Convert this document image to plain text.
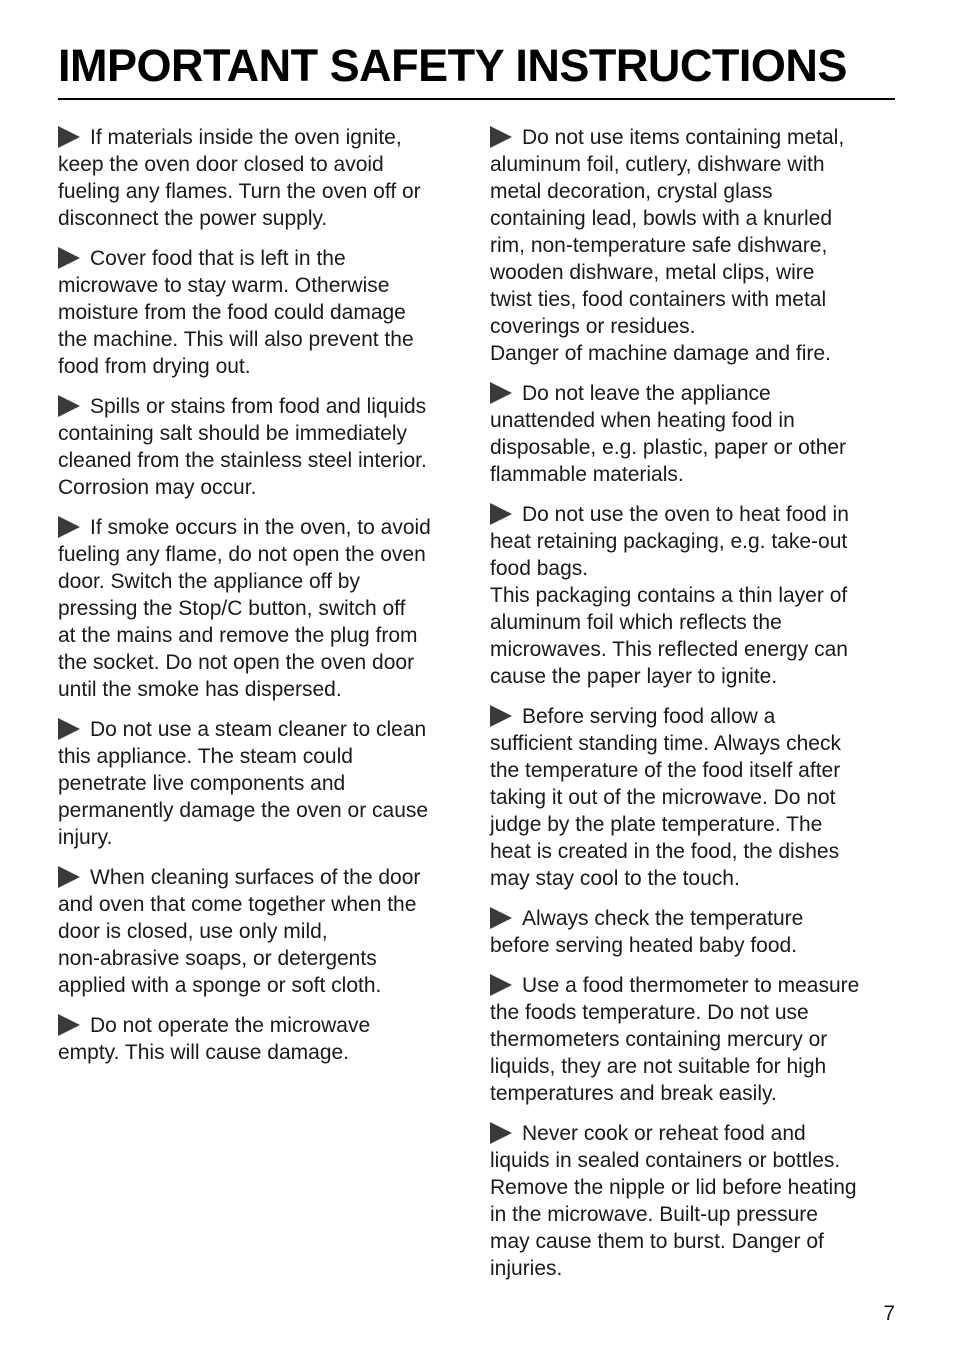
IMPORTANT SAFETY INSTRUCTIONS

If materials inside the oven ignite,
keep the oven door closed to avoid
fueling any flames. Turn the oven off or
disconnect the power supply.

Cover food that is left in the
microwave to stay warm. Otherwise
moisture from the food could damage
the machine. This will also prevent the
food from drying out.

Spills or stains from food and liquids
containing salt should be immediately
cleaned from the stainless steel interior.
Corrosion may occur.

If smoke occurs in the oven, to avoid
fueling any flame, do not open the oven
door. Switch the appliance off by
pressing the Stop/C button, switch off
at the mains and remove the plug from
the socket. Do not open the oven door
until the smoke has dispersed.

Do not use a steam cleaner to clean
this appliance. The steam could
penetrate live components and
permanently damage the oven or cause
injury.

When cleaning surfaces of the door
and oven that come together when the
door is closed, use only mild,
non-abrasive soaps, or detergents
applied with a sponge or soft cloth.

Do not operate the microwave
empty. This will cause damage.

Do not use items containing metal,
aluminum foil, cutlery, dishware with
metal decoration, crystal glass
containing lead, bowls with a knurled
rim, non-temperature safe dishware,
wooden dishware, metal clips, wire
twist ties, food containers with metal
coverings or residues.
Danger of machine damage and fire.

Do not leave the appliance
unattended when heating food in
disposable, e.g. plastic, paper or other
flammable materials.

Do not use the oven to heat food in
heat retaining packaging, e.g. take-out
food bags.
This packaging contains a thin layer of
aluminum foil which reflects the
microwaves. This reflected energy can
cause the paper layer to ignite.

Before serving food allow a
sufficient standing time. Always check
the temperature of the food itself after
taking it out of the microwave. Do not
judge by the plate temperature. The
heat is created in the food, the dishes
may stay cool to the touch.

Always check the temperature
before serving heated baby food.

Use a food thermometer to measure
the foods temperature. Do not use
thermometers containing mercury or
liquids, they are not suitable for high
temperatures and break easily.

Never cook or reheat food and
liquids in sealed containers or bottles.
Remove the nipple or lid before heating
in the microwave. Built-up pressure
may cause them to burst. Danger of
injuries.

7
